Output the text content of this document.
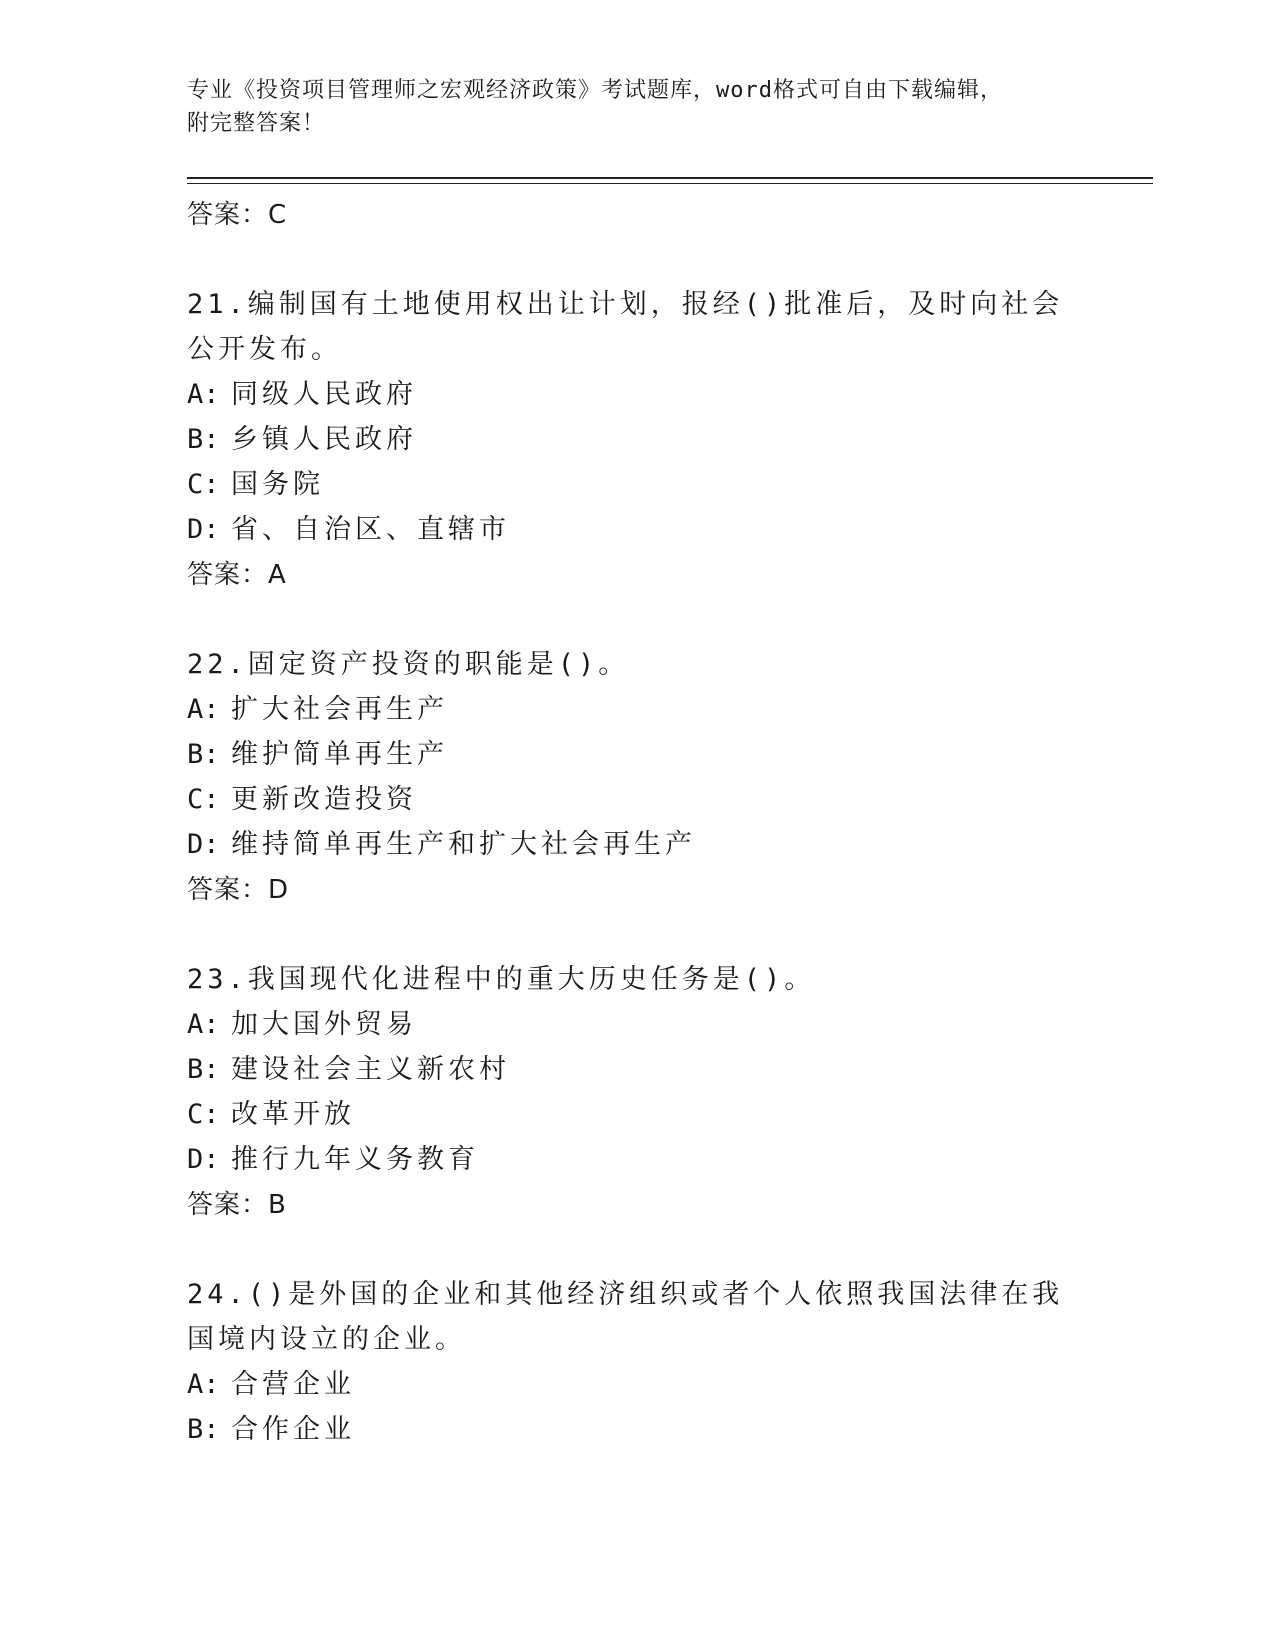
专业《投资项目管理师之宏观经济政策》考试题库，word格式可自由下载编辑，
附完整答案！
答案：C
21.编制国有土地使用权出让计划，报经()批准后，及时向社会公开发布。
A: 同级人民政府
B: 乡镇人民政府
C: 国务院
D: 省、自治区、直辖市
答案：A
22.固定资产投资的职能是()。
A: 扩大社会再生产
B: 维护简单再生产
C: 更新改造投资
D: 维持简单再生产和扩大社会再生产
答案：D
23.我国现代化进程中的重大历史任务是()。
A: 加大国外贸易
B: 建设社会主义新农村
C: 改革开放
D: 推行九年义务教育
答案：B
24.()是外国的企业和其他经济组织或者个人依照我国法律在我国境内设立的企业。
A: 合营企业
B: 合作企业
